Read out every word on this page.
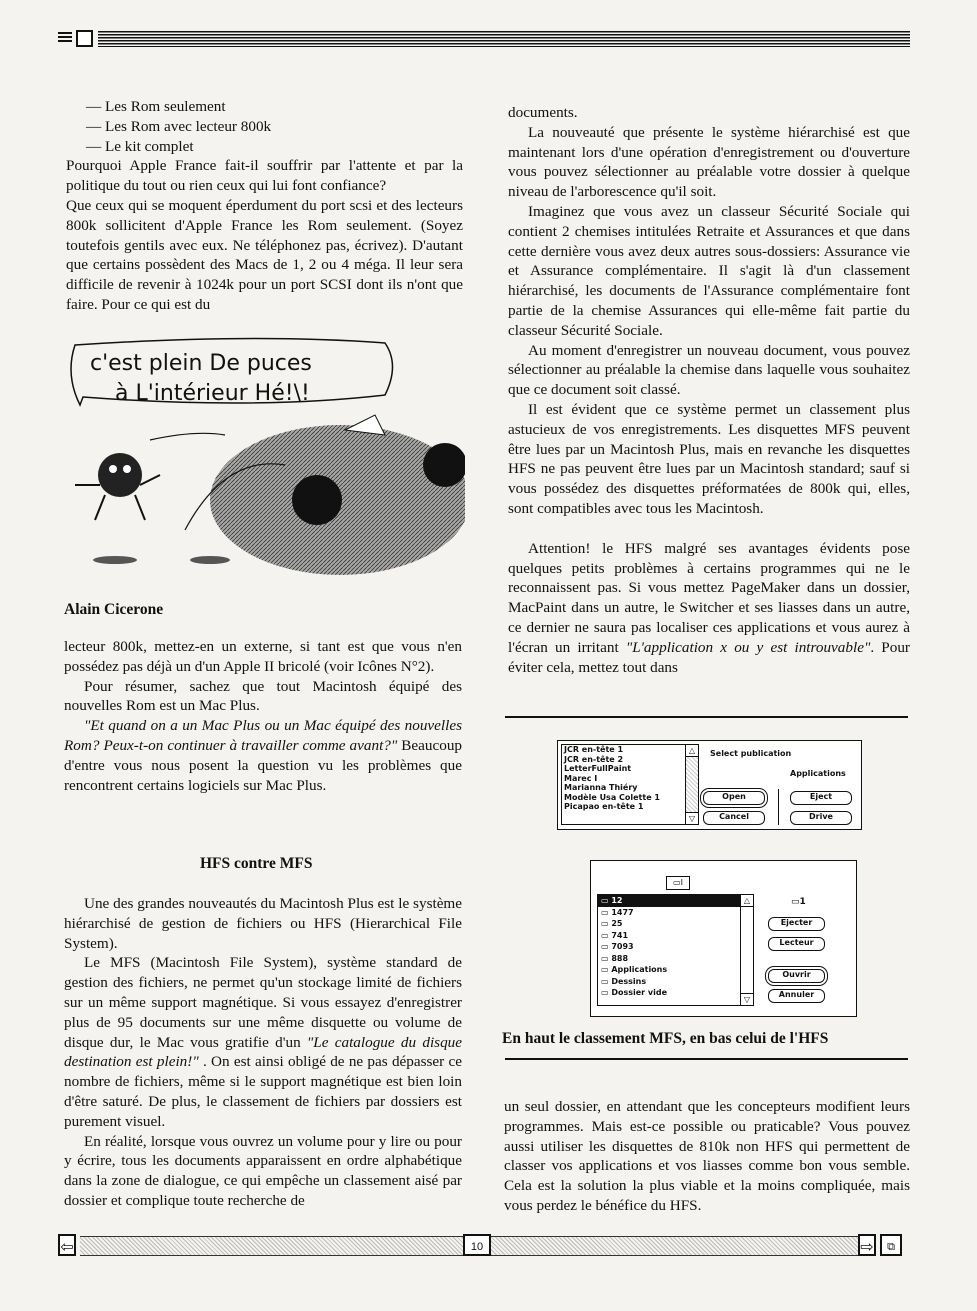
— Les Rom seulement

— Les Rom avec lecteur 800k

— Le kit complet

Pourquoi Apple France fait-il souffrir par l'attente et par la politique du tout ou rien ceux qui lui font confiance?

Que ceux qui se moquent éperdument du port scsi et des lecteurs 800k sollicitent d'Apple France les Rom seulement. (Soyez toutefois gentils avec eux. Ne téléphonez pas, écrivez). D'autant que certains possèdent des Macs de 1, 2 ou 4 méga. Il leur sera difficile de revenir à 1024k pour un port SCSI dont ils n'ont que faire. Pour ce qui est du

c'est plein De puces
à L'intérieur Hé!\!
Alain Cicerone

lecteur 800k, mettez-en un externe, si tant est que vous n'en possédez pas déjà un d'un Apple II bricolé (voir Icônes N°2).

Pour résumer, sachez que tout Macintosh équipé des nouvelles Rom est un Mac Plus.

"Et quand on a un Mac Plus ou un Mac équipé des nouvelles Rom? Peux-t-on continuer à travailler comme avant?" Beaucoup d'entre vous nous posent la question vu les problèmes que rencontrent certains logiciels sur Mac Plus.

HFS contre MFS

Une des grandes nouveautés du Macintosh Plus est le système hiérarchisé de gestion de fichiers ou HFS (Hierarchical File System).

Le MFS (Macintosh File System), système standard de gestion des fichiers, ne permet qu'un stockage limité de fichiers sur un même support magnétique. Si vous essayez d'enregistrer plus de 95 documents sur une même disquette ou volume de disque dur, le Mac vous gratifie d'un "Le catalogue du disque destination est plein!" . On est ainsi obligé de ne pas dépasser ce nombre de fichiers, même si le support magnétique est bien loin d'être saturé. De plus, le classement de fichiers par dossiers est purement visuel.

En réalité, lorsque vous ouvrez un volume pour y lire ou pour y écrire, tous les documents apparaissent en ordre alphabétique dans la zone de dialogue, ce qui empêche un classement aisé par dossier et complique toute recherche de

documents.

La nouveauté que présente le système hiérarchisé est que maintenant lors d'une opération d'enregistrement ou d'ouverture vous pouvez sélectionner au préalable votre dossier à quelque niveau de l'arborescence qu'il soit.

Imaginez que vous avez un classeur Sécurité Sociale qui contient 2 chemises intitulées Retraite et Assurances et que dans cette dernière vous avez deux autres sous-dossiers: Assurance vie et Assurance complémentaire. Il s'agit là d'un classement hiérarchisé, les documents de l'Assurance complémentaire font partie de la chemise Assurances qui elle-même fait partie du classeur Sécurité Sociale.

Au moment d'enregistrer un nouveau document, vous pouvez sélectionner au préalable la chemise dans laquelle vous souhaitez que ce document soit classé.

Il est évident que ce système permet un classement plus astucieux de vos enregistrements. Les disquettes MFS peuvent être lues par un Macintosh Plus, mais en revanche les disquettes HFS ne pas peuvent être lues par un Macintosh standard; sauf si vous possédez des disquettes préformatées de 800k qui, elles, sont compatibles avec tous les Macintosh.

Attention! le HFS malgré ses avantages évidents pose quelques petits problèmes à certains programmes qui ne le reconnaissent pas. Si vous mettez PageMaker dans un dossier, MacPaint dans un autre, le Switcher et ses liasses dans un autre, ce dernier ne saura pas localiser ces applications et vous aurez à l'écran un irritant "L'application x ou y est introuvable". Pour éviter cela, mettez tout dans

JCR en-tête 1
JCR en-tête 2
LetterFullPaint
Marec I
Marianna Thiéry
Modèle Usa Colette 1
Picapao en-tête 1
△
▽
Select publication
Applications
Open
Cancel
Eject
Drive
▭I
▭ 12
▭ 1477
▭ 25
▭ 741
▭ 7093
▭ 888
▭ Applications
▭ Dessins
▭ Dossier vide
△
▽
▭1
Ejecter
Lecteur
Ouvrir
Annuler
En haut le classement MFS, en bas celui de l'HFS

un seul dossier, en attendant que les concepteurs modifient leurs programmes. Mais est-ce possible ou praticable? Vous pouvez aussi utiliser les disquettes de 810k non HFS qui permettent de classer vos applications et vos liasses comme bon vous semble. Cela est la solution la plus viable et la moins compliquée, mais vous perdez le bénéfice du HFS.

⇦	10	⇨	⧉
